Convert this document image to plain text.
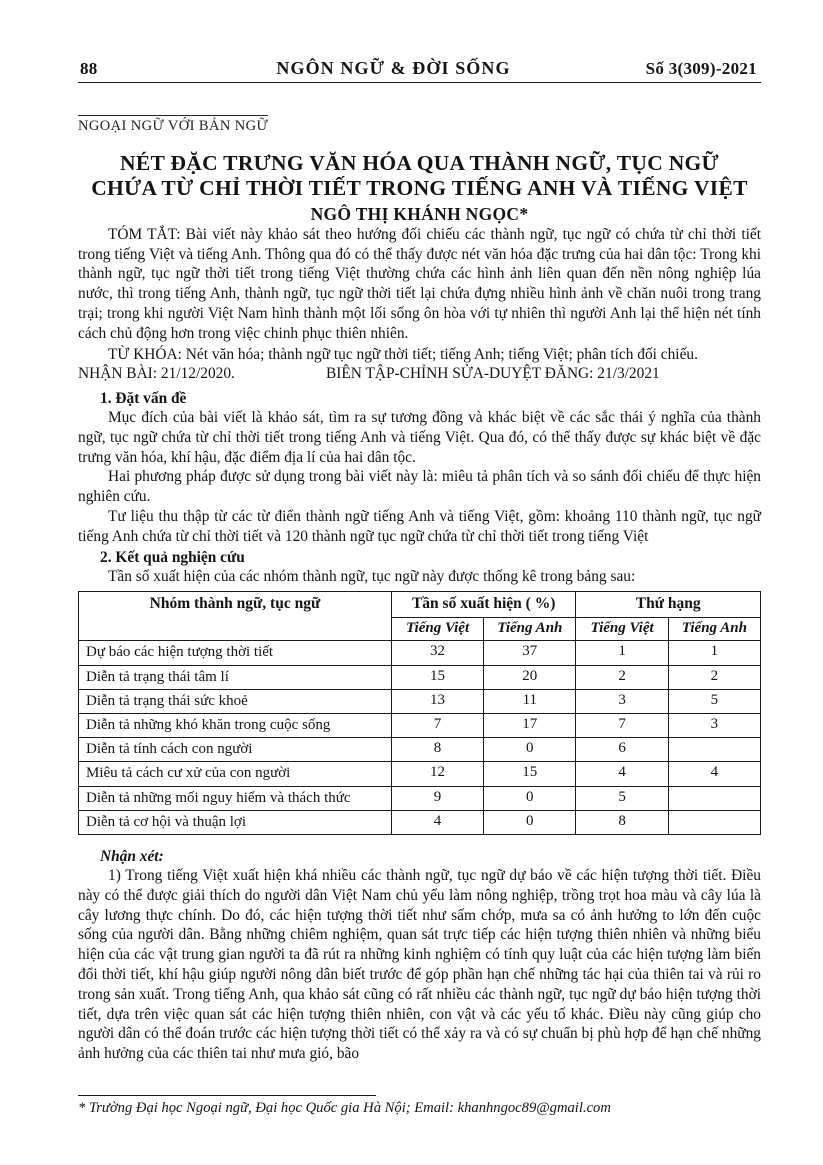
88	NGÔN NGỮ & ĐỜI SỐNG	Số 3(309)-2021
NGOẠI NGỮ VỚI BẢN NGỮ
NÉT ĐẶC TRƯNG VĂN HÓA QUA THÀNH NGỮ, TỤC NGỮ
CHỨA TỪ CHỈ THỜI TIẾT TRONG TIẾNG ANH VÀ TIẾNG VIỆT
NGÔ THỊ KHÁNH NGỌC*

TÓM TẮT: Bài viết này khảo sát theo hướng đối chiếu các thành ngữ, tục ngữ có chứa từ chỉ thời tiết trong tiếng Việt và tiếng Anh. Thông qua đó có thể thấy được nét văn hóa đặc trưng của hai dân tộc: Trong khi thành ngữ, tục ngữ thời tiết trong tiếng Việt thường chứa các hình ảnh liên quan đến nền nông nghiệp lúa nước, thì trong tiếng Anh, thành ngữ, tục ngữ thời tiết lại chứa đựng nhiều hình ảnh về chăn nuôi trong trang trại; trong khi người Việt Nam hình thành một lối sống ôn hòa với tự nhiên thì người Anh lại thể hiện nét tính cách chủ động hơn trong việc chinh phục thiên nhiên.

TỪ KHÓA: Nét văn hóa; thành ngữ tục ngữ thời tiết; tiếng Anh; tiếng Việt; phân tích đối chiếu.

NHẬN BÀI: 21/12/2020.	BIÊN TẬP-CHỈNH SỬA-DUYỆT ĐĂNG: 21/3/2021
1. Đặt vấn đề

Mục đích của bài viết là khảo sát, tìm ra sự tương đồng và khác biệt về các sắc thái ý nghĩa của thành ngữ, tục ngữ chứa từ chỉ thời tiết trong tiếng Anh và tiếng Việt. Qua đó, có thể thấy được sự khác biệt về đặc trưng văn hóa, khí hậu, đặc điểm địa lí của hai dân tộc.

Hai phương pháp được sử dụng trong bài viết này là: miêu tả phân tích và so sánh đối chiếu để thực hiện nghiên cứu.

Tư liệu thu thập từ các từ điển thành ngữ tiếng Anh và tiếng Việt, gồm: khoảng 110 thành ngữ, tục ngữ tiếng Anh chứa từ chỉ thời tiết và 120 thành ngữ tục ngữ chứa từ chỉ thời tiết trong tiếng Việt

2. Kết quả nghiện cứu

Tần số xuất hiện của các nhóm thành ngữ, tục ngữ này được thống kê trong bảng sau:

Nhóm thành ngữ, tục ngữ	Tần số xuất hiện ( %)		Thứ hạng	
	Tiếng Việt	Tiếng Anh	Tiếng Việt	Tiếng Anh
Dự báo các hiện tượng thời tiết	32	37	1	1
Diễn tả trạng thái tâm lí	15	20	2	2
Diễn tả trạng thái sức khoẻ	13	11	3	5
Diễn tả những khó khăn trong cuộc sống	7	17	7	3
Diễn tả tính cách con người	8	0	6	
Miêu tả cách cư xử của con người	12	15	4	4
Diễn tả những mối nguy hiểm và thách thức	9	0	5	
Diễn tả cơ hội và thuận lợi	4	0	8	
Nhận xét:

1) Trong tiếng Việt xuất hiện khá nhiều các thành ngữ, tục ngữ dự báo về các hiện tượng thời tiết. Điều này có thể được giải thích do người dân Việt Nam chủ yếu làm nông nghiệp, trồng trọt hoa màu và cây lúa là cây lương thực chính. Do đó, các hiện tượng thời tiết như sấm chớp, mưa sa có ảnh hưởng to lớn đến cuộc sống của người dân. Bằng những chiêm nghiệm, quan sát trực tiếp các hiện tượng thiên nhiên và những biểu hiện của các vật trung gian người ta đã rút ra những kinh nghiệm có tính quy luật của các hiện tượng làm biến đổi thời tiết, khí hậu giúp người nông dân biết trước để góp phần hạn chế những tác hại của thiên tai và rủi ro trong sản xuất. Trong tiếng Anh, qua khảo sát cũng có rất nhiều các thành ngữ, tục ngữ dự báo hiện tượng thời tiết, dựa trên việc quan sát các hiện tượng thiên nhiên, con vật và các yếu tố khác. Điều này cũng giúp cho người dân có thể đoán trước các hiện tượng thời tiết có thể xảy ra và có sự chuẩn bị phù hợp để hạn chế những ảnh hưởng của các thiên tai như mưa gió, bão

* Trường Đại học Ngoại ngữ, Đại học Quốc gia Hà Nội; Email: khanhngoc89@gmail.com
